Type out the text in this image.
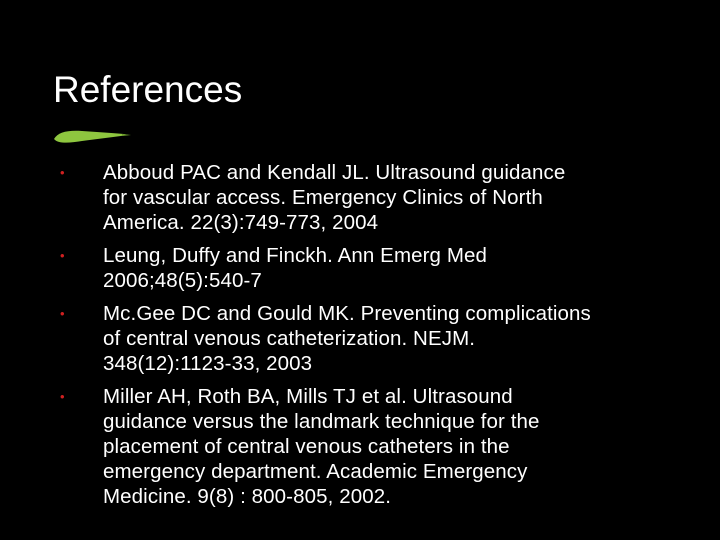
References
•	Abboud PAC and Kendall JL. Ultrasound guidance
for vascular access. Emergency Clinics of North
America. 22(3):749-773, 2004
•	Leung, Duffy and Finckh. Ann Emerg Med
2006;48(5):540-7
•	Mc.Gee DC and Gould MK. Preventing complications
of central venous catheterization. NEJM.
348(12):1123-33, 2003
•	Miller AH, Roth BA, Mills TJ et al. Ultrasound
guidance versus the landmark technique for the
placement of central venous catheters in the
emergency department. Academic Emergency
Medicine. 9(8) : 800-805, 2002.
